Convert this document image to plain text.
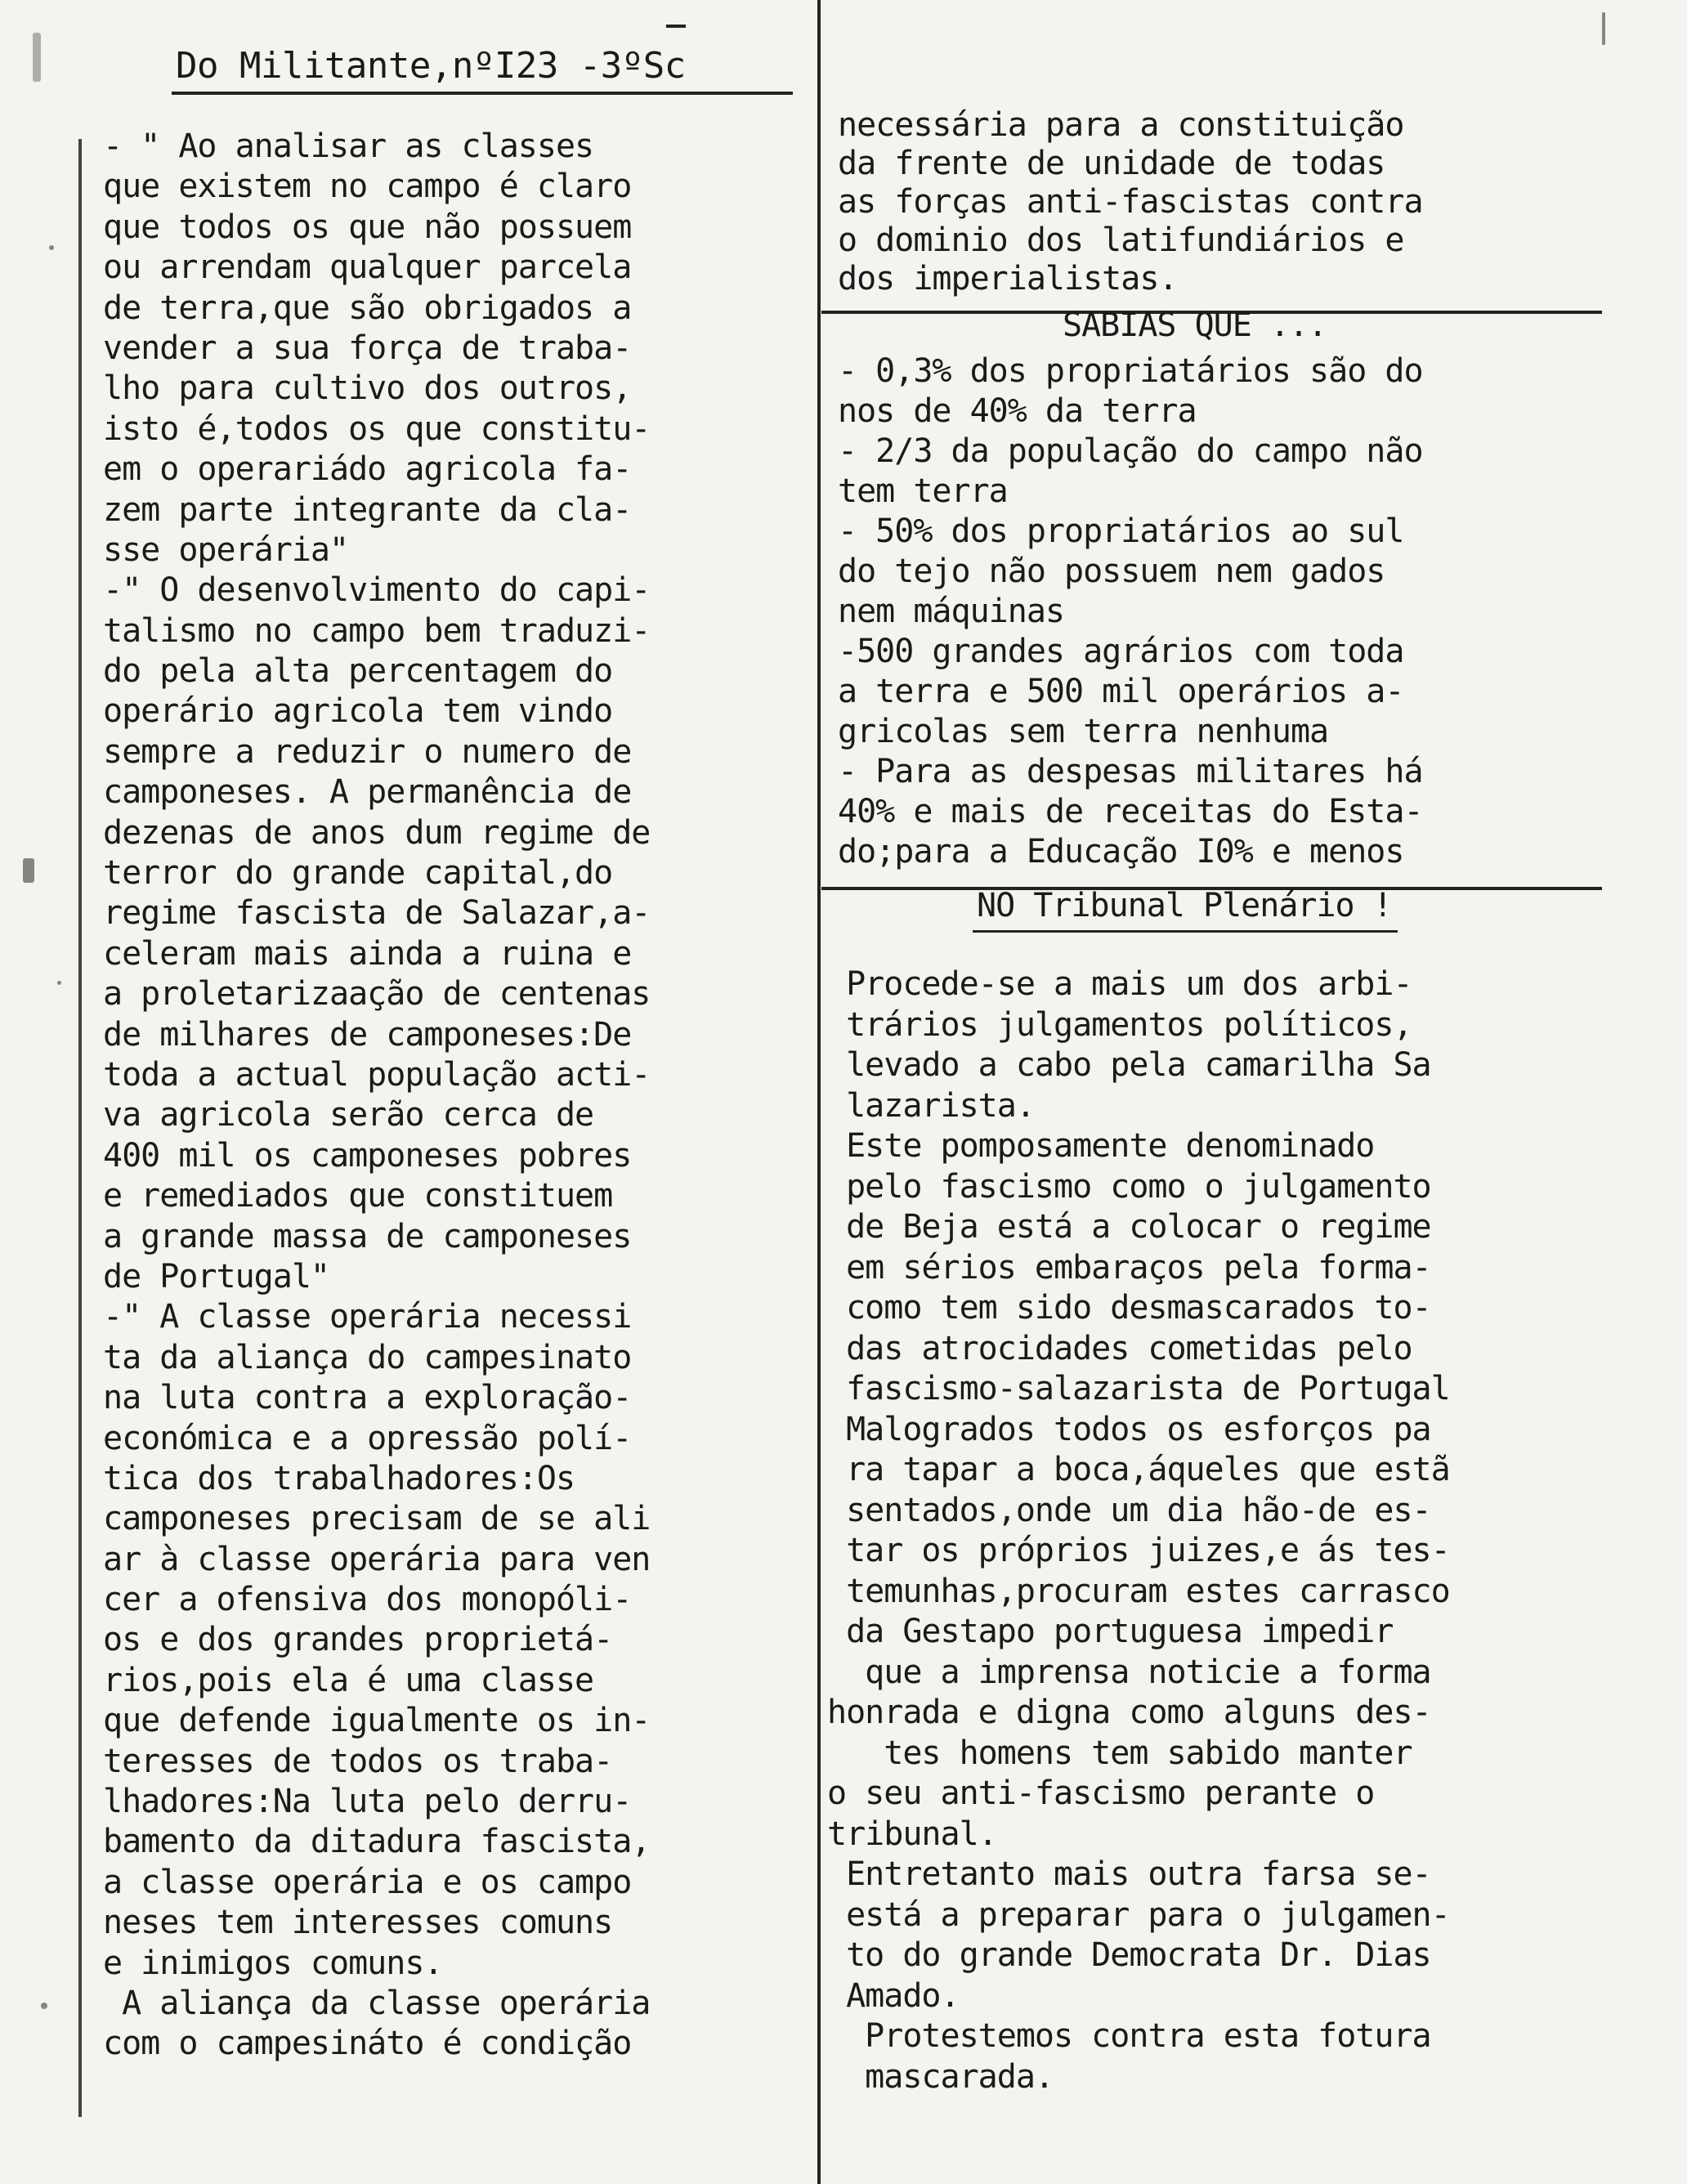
Do Militante,nºI23 -3ºSc
- " Ao analisar as classes
que existem no campo é claro
que todos os que não possuem
ou arrendam qualquer parcela
de terra,que são obrigados a
vender a sua força de traba-
lho para cultivo dos outros,
isto é,todos os que constitu-
em o operariádo agricola fa-
zem parte integrante da cla-
sse operária"
-" O desenvolvimento do capi-
talismo no campo bem traduzi-
do pela alta percentagem do
operário agricola tem vindo
sempre a reduzir o numero de
camponeses. A permanência de
dezenas de anos dum regime de
terror do grande capital,do
regime fascista de Salazar,a-
celeram mais ainda a ruina e
a proletarizaação de centenas
de milhares de camponeses:De
toda a actual população acti-
va agricola serão cerca de
400 mil os camponeses pobres
e remediados que constituem
a grande massa de camponeses
de Portugal"
-" A classe operária necessi
ta da aliança do campesinato
na luta contra a exploração-
económica e a opressão polí-
tica dos trabalhadores:Os
camponeses precisam de se ali
ar à classe operária para ven
cer a ofensiva dos monopóli-
os e dos grandes proprietá-
rios,pois ela é uma classe
que defende igualmente os in-
teresses de todos os traba-
lhadores:Na luta pelo derru-
bamento da ditadura fascista,
a classe operária e os campo
neses tem interesses comuns
e inimigos comuns.
A aliança da classe operária
com o campesináto é condição
necessária para a constituição
da frente de unidade de todas
as forças anti-fascistas contra
o dominio dos latifundiários e
dos imperialistas.
SABIAS QUE ...
- 0,3% dos propriatários são do
nos de 40% da terra
- 2/3 da população do campo não
tem terra
- 50% dos propriatários ao sul
do tejo não possuem nem gados
nem máquinas
-500 grandes agrários com toda
a terra e 500 mil operários a-
gricolas sem terra nenhuma
- Para as despesas militares há
40% e mais de receitas do Esta-
do;para a Educação I0% e menos
NO Tribunal Plenário !
Procede-se a mais um dos arbi-
trários julgamentos políticos,
levado a cabo pela camarilha Sa
lazarista.
Este pomposamente denominado
pelo fascismo como o julgamento
de Beja está a colocar o regime
em sérios embaraços pela forma-
como tem sido desmascarados to-
das atrocidades cometidas pelo
fascismo-salazarista de Portugal
Malogrados todos os esforços pa
ra tapar a boca,áqueles que estã
sentados,onde um dia hão-de es-
tar os próprios juizes,e ás tes-
temunhas,procuram estes carrasco
da Gestapo portuguesa impedir
que a imprensa noticie a forma
honrada e digna como alguns des-
tes homens tem sabido manter
o seu anti-fascismo perante o
tribunal.
Entretanto mais outra farsa se-
está a preparar para o julgamen-
to do grande Democrata Dr. Dias
Amado.
Protestemos contra esta fotura
mascarada.
